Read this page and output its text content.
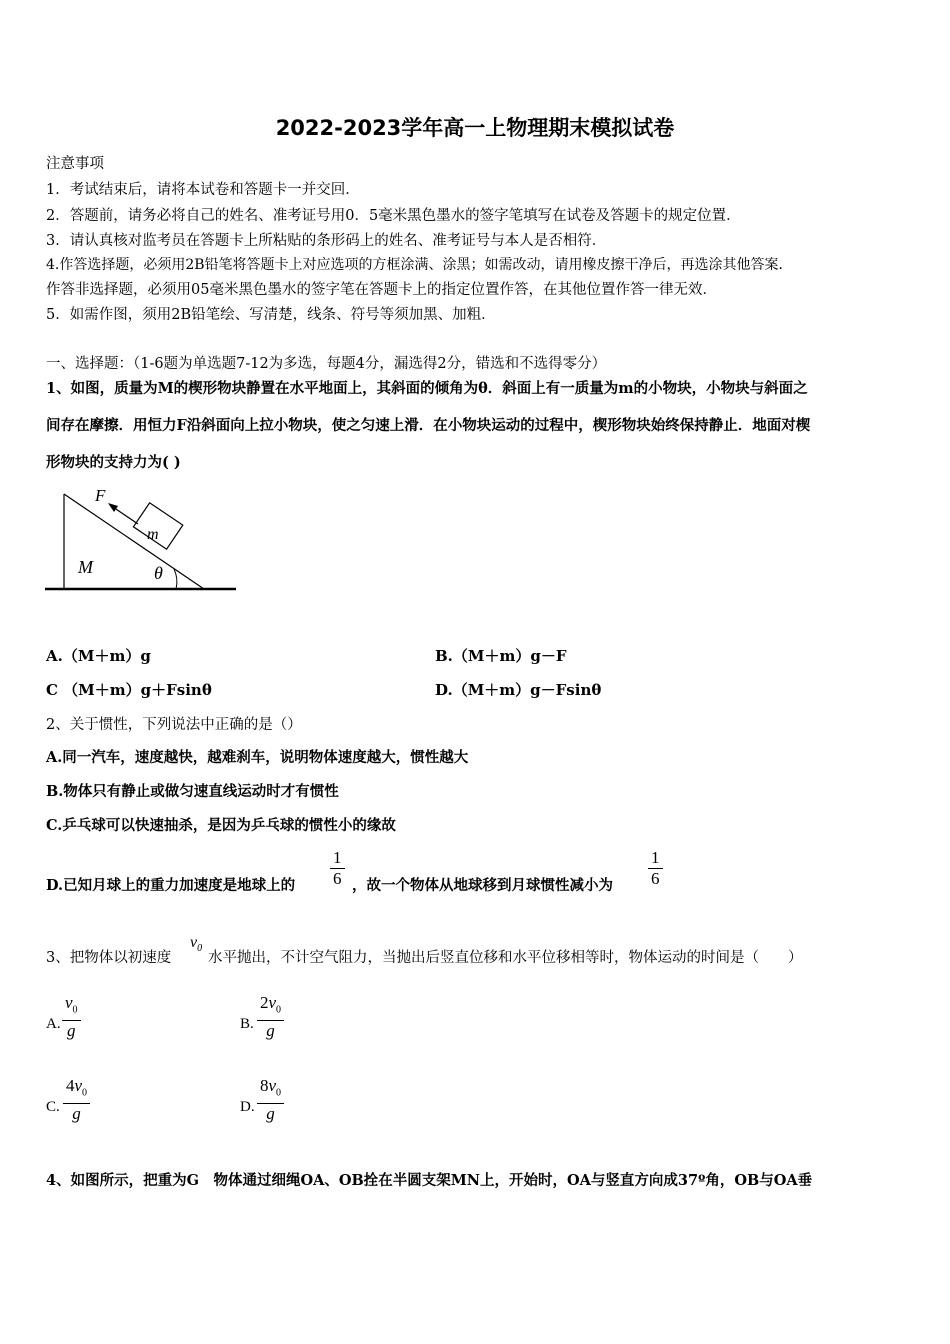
2022-2023学年高一上物理期末模拟试卷
注意事项
1．考试结束后，请将本试卷和答题卡一并交回．
2．答题前，请务必将自己的姓名、准考证号用0．5毫米黑色墨水的签字笔填写在试卷及答题卡的规定位置．
3．请认真核对监考员在答题卡上所粘贴的条形码上的姓名、准考证号与本人是否相符．
4.作答选择题，必须用2B铅笔将答题卡上对应选项的方框涂满、涂黑；如需改动，请用橡皮擦干净后，再选涂其他答案．
作答非选择题，必须用05毫米黑色墨水的签字笔在答题卡上的指定位置作答，在其他位置作答一律无效．
5．如需作图，须用2B铅笔绘、写清楚，线条、符号等须加黑、加粗．
一、选择题：（1-6题为单选题7-12为多选，每题4分，漏选得2分，错选和不选得零分）
1、如图，质量为M的楔形物块静置在水平地面上，其斜面的倾角为θ．斜面上有一质量为m的小物块，小物块与斜面之
间存在摩擦．用恒力F沿斜面向上拉小物块，使之匀速上滑．在小物块运动的过程中，楔形物块始终保持静止．地面对楔
形物块的支持力为( )
F
m
M	θ
A.（M＋m）g	B.（M＋m）g－F
C （M＋m）g＋Fsinθ	D.（M＋m）g－Fsinθ
2、关于惯性，下列说法中正确的是（）
A.同一汽车，速度越快，越难刹车，说明物体速度越大，惯性越大
B.物体只有静止或做匀速直线运动时才有惯性
C.乒乓球可以快速抽杀，是因为乒乓球的惯性小的缘故
D.已知月球上的重力加速度是地球上的
1
6 ，故一个物体从地球移到月球惯性减小为
1
6
3、把物体以初速度
$v_0$
水平抛出，不计空气阻力，当抛出后竖直位移和水平位移相等时，物体运动的时间是（　　）
A.
$v_0$
g	B.
$2v_0$
g
C.
$4v_0$
g	D.
$8v_0$
g
4、如图所示，把重为G　物体通过细绳OA、OB拴在半圆支架MN上，开始时，OA与竖直方向成37º角，OB与OA垂
